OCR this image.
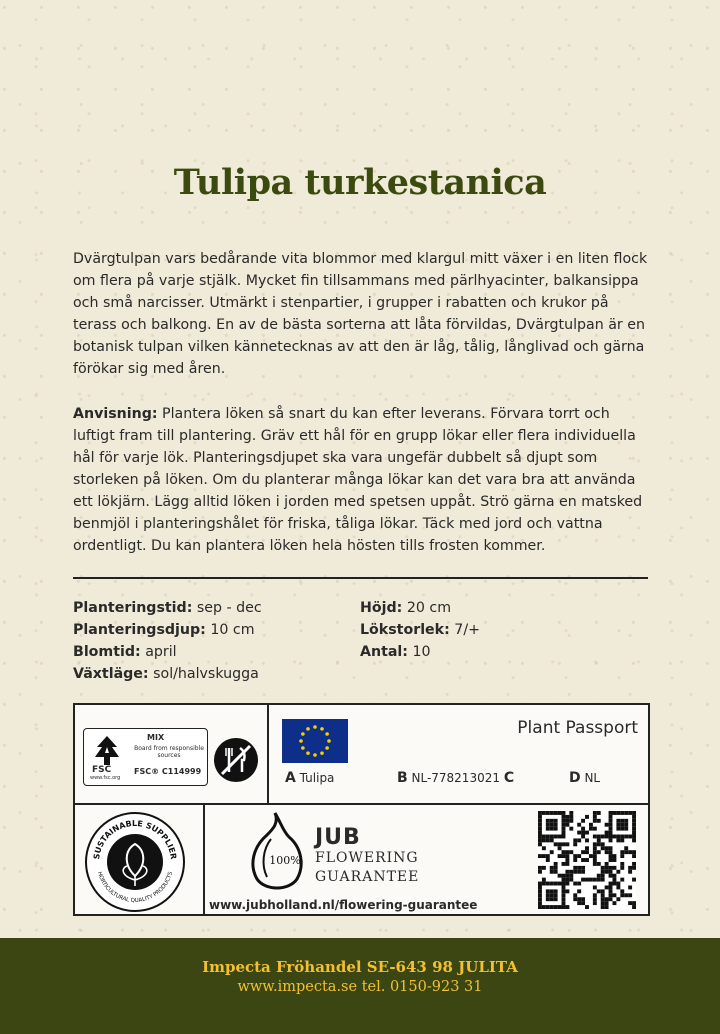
Tulipa turkestanica

Dvärgtulpan vars bedårande vita blommor med klargul mitt växer i en liten flock om flera på varje stjälk. Mycket fin tillsammans med pärlhyacinter, balkansippa och små narcisser. Utmärkt i stenpartier, i grupper i rabatten och krukor på terass och balkong. En av de bästa sorterna att låta förvildas, Dvärgtulpan är en botanisk tulpan vilken kännetecknas av att den är låg, tålig, långlivad och gärna förökar sig med åren.

Anvisning: Plantera löken så snart du kan efter leverans. Förvara torrt och luftigt fram till plantering. Gräv ett hål för en grupp lökar eller flera individuella hål för varje lök. Planteringsdjupet ska vara ungefär dubbelt så djupt som storleken på löken. Om du planterar många lökar kan det vara bra att använda ett lökjärn. Lägg alltid löken i jorden med spetsen uppåt. Strö gärna en matsked benmjöl i planteringshålet för friska, tåliga lökar. Täck med jord och vattna ordentligt. Du kan plantera löken hela hösten tills frosten kommer.

Planteringstid: sep - dec
Planteringsdjup: 10 cm
Blomtid: april
Växtläge: sol/halvskugga
Höjd: 20 cm
Lökstorlek: 7/+
Antal: 10
FSC
www.fsc.org
MIX
Board from responsible sources
FSC® C114999
Plant Passport
A Tulipa	B NL-778213021 C	D NL
SUSTAINABLE SUPPLIER
HORTICULTURAL QUALITY PRODUCTS
100%
JUB
FLOWERING
GUARANTEE
www.jubholland.nl/flowering-guarantee
Impecta Fröhandel SE-643 98 JULITA
www.impecta.se tel. 0150-923 31
